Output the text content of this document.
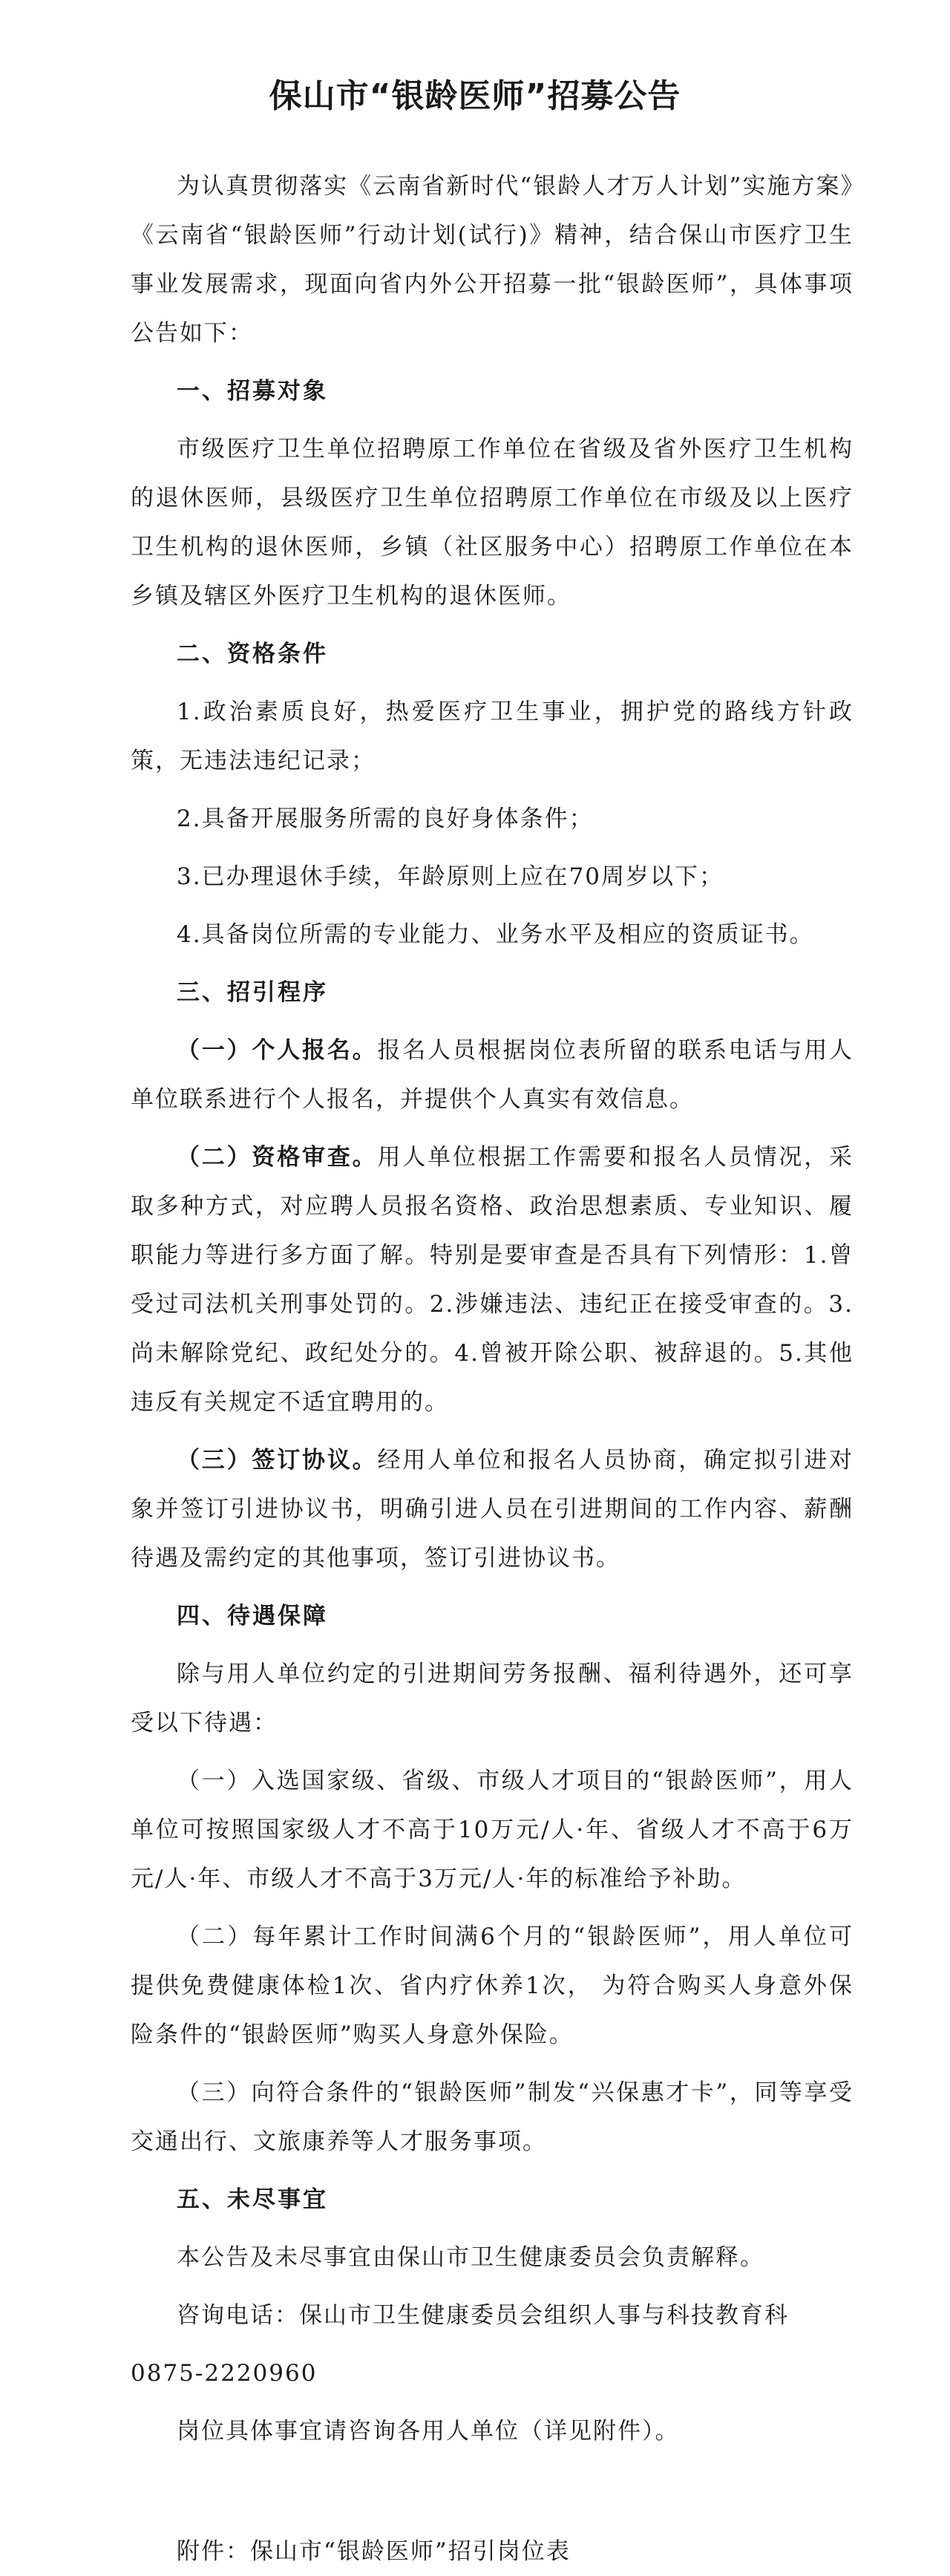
保山市“银龄医师”招募公告

为认真贯彻落实《云南省新时代“银龄人才万人计划”实施方案》《云南省“银龄医师”行动计划(试行)》精神，结合保山市医疗卫生事业发展需求，现面向省内外公开招募一批“银龄医师”，具体事项公告如下：

一、招募对象

市级医疗卫生单位招聘原工作单位在省级及省外医疗卫生机构的退休医师，县级医疗卫生单位招聘原工作单位在市级及以上医疗卫生机构的退休医师，乡镇（社区服务中心）招聘原工作单位在本乡镇及辖区外医疗卫生机构的退休医师。

二、资格条件

1.政治素质良好，热爱医疗卫生事业，拥护党的路线方针政策，无违法违纪记录；

2.具备开展服务所需的良好身体条件；

3.已办理退休手续，年龄原则上应在70周岁以下；

4.具备岗位所需的专业能力、业务水平及相应的资质证书。

三、招引程序

（一）个人报名。报名人员根据岗位表所留的联系电话与用人单位联系进行个人报名，并提供个人真实有效信息。

（二）资格审查。用人单位根据工作需要和报名人员情况，采取多种方式，对应聘人员报名资格、政治思想素质、专业知识、履职能力等进行多方面了解。特别是要审查是否具有下列情形：1.曾受过司法机关刑事处罚的。2.涉嫌违法、违纪正在接受审查的。3.尚未解除党纪、政纪处分的。4.曾被开除公职、被辞退的。5.其他违反有关规定不适宜聘用的。

（三）签订协议。经用人单位和报名人员协商，确定拟引进对象并签订引进协议书，明确引进人员在引进期间的工作内容、薪酬待遇及需约定的其他事项，签订引进协议书。

四、待遇保障

除与用人单位约定的引进期间劳务报酬、福利待遇外，还可享受以下待遇：

（一）入选国家级、省级、市级人才项目的“银龄医师”，用人单位可按照国家级人才不高于10万元/人·年、省级人才不高于6万元/人·年、市级人才不高于3万元/人·年的标准给予补助。

（二）每年累计工作时间满6个月的“银龄医师”，用人单位可提供免费健康体检1次、省内疗休养1次， 为符合购买人身意外保险条件的“银龄医师”购买人身意外保险。

（三）向符合条件的“银龄医师”制发“兴保惠才卡”，同等享受交通出行、文旅康养等人才服务事项。

五、未尽事宜

本公告及未尽事宜由保山市卫生健康委员会负责解释。

咨询电话：保山市卫生健康委员会组织人事与科技教育科

0875-2220960

岗位具体事宜请咨询各用人单位（详见附件）。

附件：保山市“银龄医师”招引岗位表
